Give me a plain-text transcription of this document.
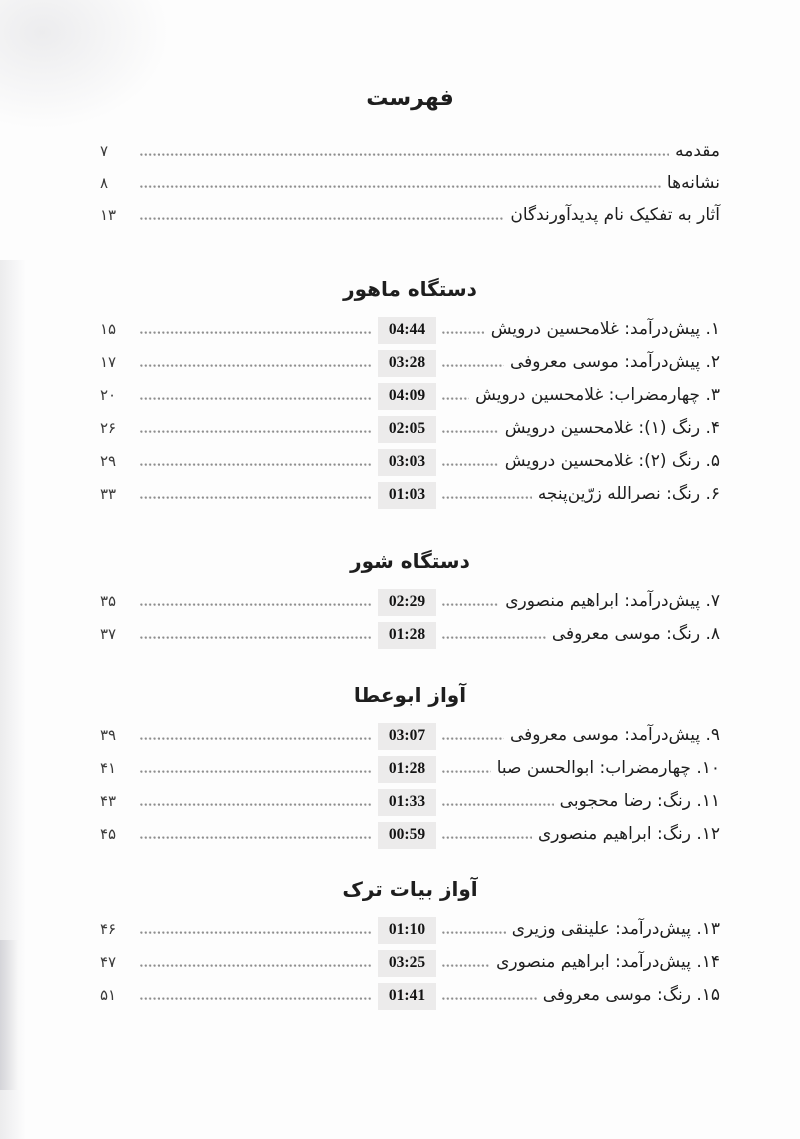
فهرست
مقدمه
۷
نشانه‌ها
۸
آثار به تفکیک نام پدیدآورندگان
۱۳
دستگاه ماهور
۱. پیش‌درآمد: غلامحسین درویش
04:44
۱۵
۲. پیش‌درآمد: موسی معروفی
03:28
۱۷
۳. چهارمضراب: غلامحسین درویش
04:09
۲۰
۴. رنگ (۱): غلامحسین درویش
02:05
۲۶
۵. رنگ (۲): غلامحسین درویش
03:03
۲۹
۶. رنگ: نصرالله زرّین‌پنجه
01:03
۳۳
دستگاه شور
۷. پیش‌درآمد: ابراهیم منصوری
02:29
۳۵
۸. رنگ: موسی معروفی
01:28
۳۷
آواز ابوعطا
۹. پیش‌درآمد: موسی معروفی
03:07
۳۹
۱۰. چهارمضراب: ابوالحسن صبا
01:28
۴۱
۱۱. رنگ: رضا محجوبی
01:33
۴۳
۱۲. رنگ: ابراهیم منصوری
00:59
۴۵
آواز بیات ترک
۱۳. پیش‌درآمد: علینقی وزیری
01:10
۴۶
۱۴. پیش‌درآمد: ابراهیم منصوری
03:25
۴۷
۱۵. رنگ: موسی معروفی
01:41
۵۱
